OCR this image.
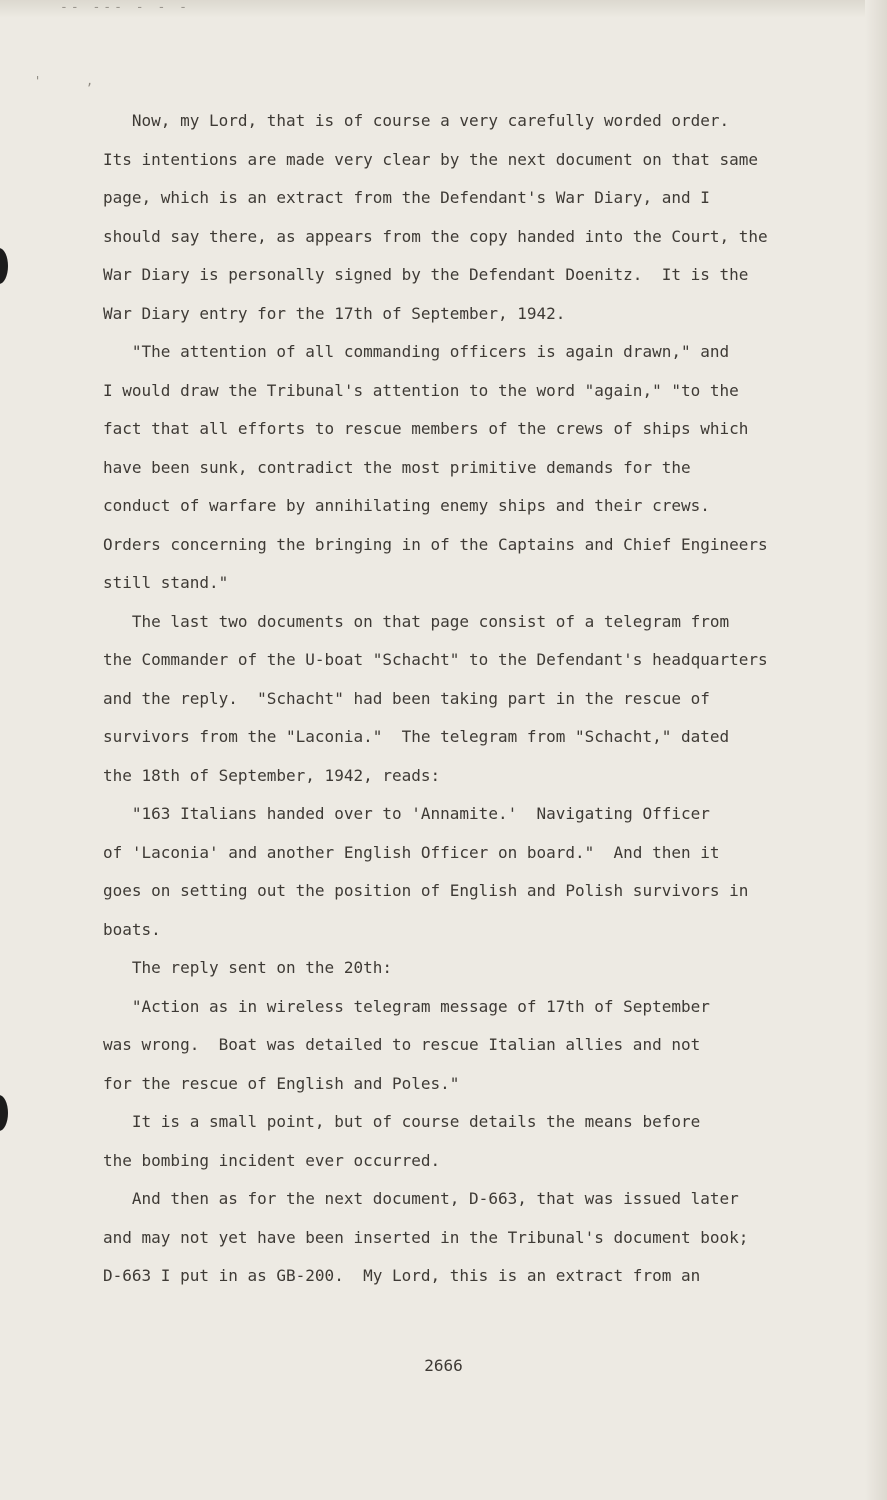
-- --- - - -
'	,
Now, my Lord, that is of course a very carefully worded order.
Its intentions are made very clear by the next document on that same
page, which is an extract from the Defendant's War Diary, and I
should say there, as appears from the copy handed into the Court, the
War Diary is personally signed by the Defendant Doenitz.  It is the
War Diary entry for the 17th of September, 1942.
"The attention of all commanding officers is again drawn," and
I would draw the Tribunal's attention to the word "again," "to the
fact that all efforts to rescue members of the crews of ships which
have been sunk, contradict the most primitive demands for the
conduct of warfare by annihilating enemy ships and their crews.
Orders concerning the bringing in of the Captains and Chief Engineers
still stand."
The last two documents on that page consist of a telegram from
the Commander of the U-boat "Schacht" to the Defendant's headquarters
and the reply.  "Schacht" had been taking part in the rescue of
survivors from the "Laconia."  The telegram from "Schacht," dated
the 18th of September, 1942, reads:
"163 Italians handed over to 'Annamite.'  Navigating Officer
of 'Laconia' and another English Officer on board."  And then it
goes on setting out the position of English and Polish survivors in
boats.
The reply sent on the 20th:
"Action as in wireless telegram message of 17th of September
was wrong.  Boat was detailed to rescue Italian allies and not
for the rescue of English and Poles."
It is a small point, but of course details the means before
the bombing incident ever occurred.
And then as for the next document, D-663, that was issued later
and may not yet have been inserted in the Tribunal's document book;
D-663 I put in as GB-200.  My Lord, this is an extract from an
2666
